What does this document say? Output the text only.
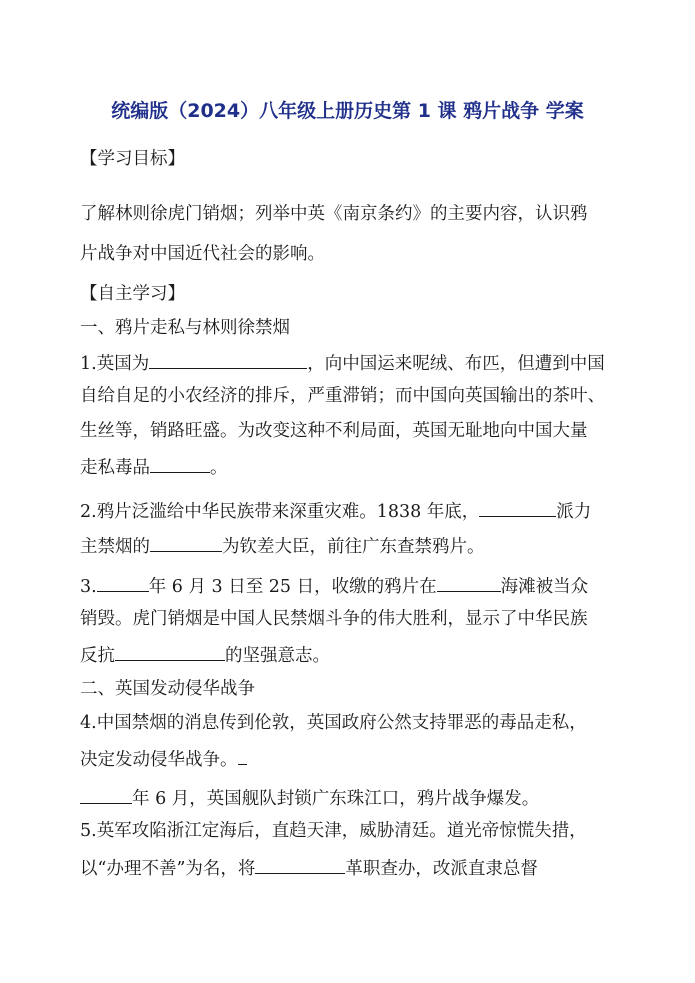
统编版（2024）八年级上册历史第 1 课 鸦片战争 学案
【学习目标】
了解林则徐虎门销烟；列举中英《南京条约》的主要内容，认识鸦
片战争对中国近代社会的影响。
【自主学习】
一、鸦片走私与林则徐禁烟
1.英国为	，向中国运来呢绒、布匹，但遭到中国
自给自足的小农经济的排斥，严重滞销；而中国向英国输出的茶叶、
生丝等，销路旺盛。为改变这种不利局面，英国无耻地向中国大量
走私毒品	。
2.鸦片泛滥给中华民族带来深重灾难。1838 年底，	派力
主禁烟的	为钦差大臣，前往广东查禁鸦片。
3.	年 6 月 3 日至 25 日，收缴的鸦片在	海滩被当众
销毁。虎门销烟是中国人民禁烟斗争的伟大胜利，显示了中华民族
反抗	的坚强意志。
二、英国发动侵华战争
4.中国禁烟的消息传到伦敦，英国政府公然支持罪恶的毒品走私，
决定发动侵华战争。
年 6 月，英国舰队封锁广东珠江口，鸦片战争爆发。
5.英军攻陷浙江定海后，直趋天津，威胁清廷。道光帝惊慌失措，
以“办理不善”为名，将	革职查办，改派直隶总督
